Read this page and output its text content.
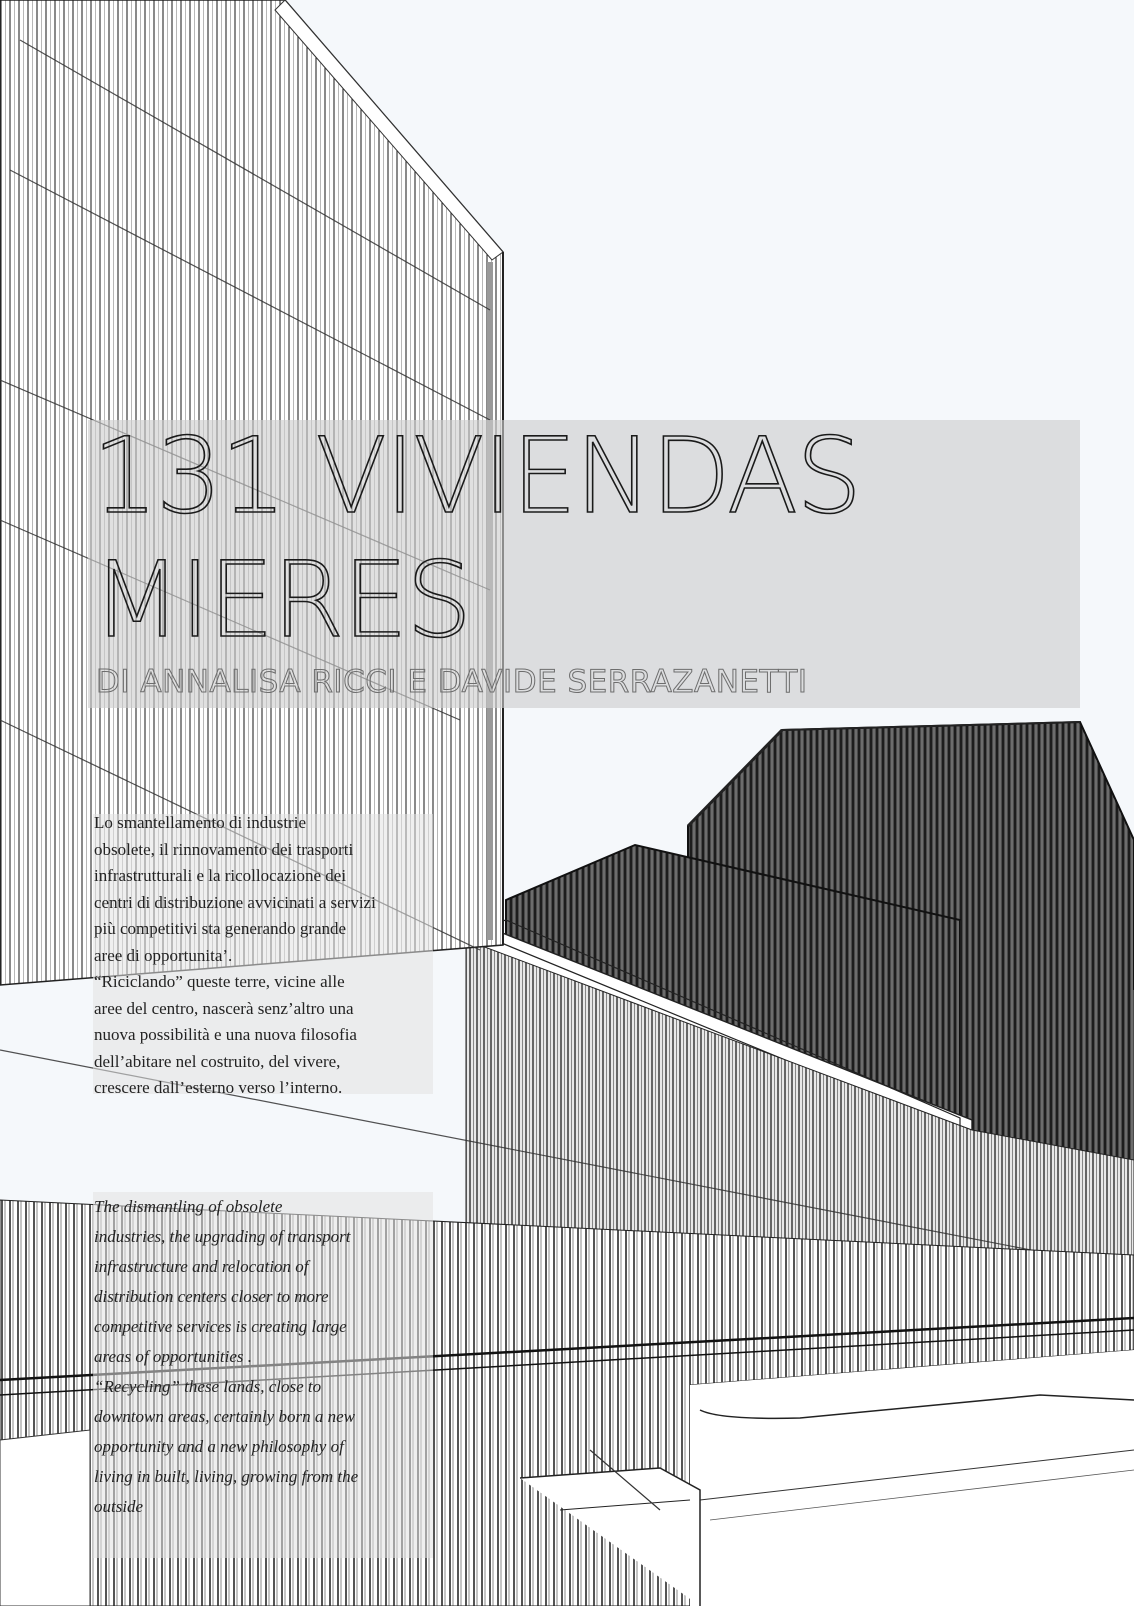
131 VIVIENDAS
MIERES
DI ANNALISA RICCI E DAVIDE SERRAZANETTI

Lo smantellamento di industrie
obsolete, il rinnovamento dei trasporti
infrastrutturali e la ricollocazione dei
centri di distribuzione avvicinati a servizi
più competitivi sta generando grande
aree di opportunita’.
“Riciclando” queste terre, vicine alle
aree del centro, nascerà senz’altro una
nuova possibilità e una nuova filosofia
dell’abitare nel costruito, del vivere,
crescere dall’esterno verso l’interno.

The dismantling of obsolete
industries, the upgrading of transport
infrastructure and relocation of
distribution centers closer to more
competitive services is creating large
areas of opportunities .
“Recycling” these lands, close to
downtown areas, certainly born a new
opportunity and a new philosophy of
living in built, living, growing from the
outside
